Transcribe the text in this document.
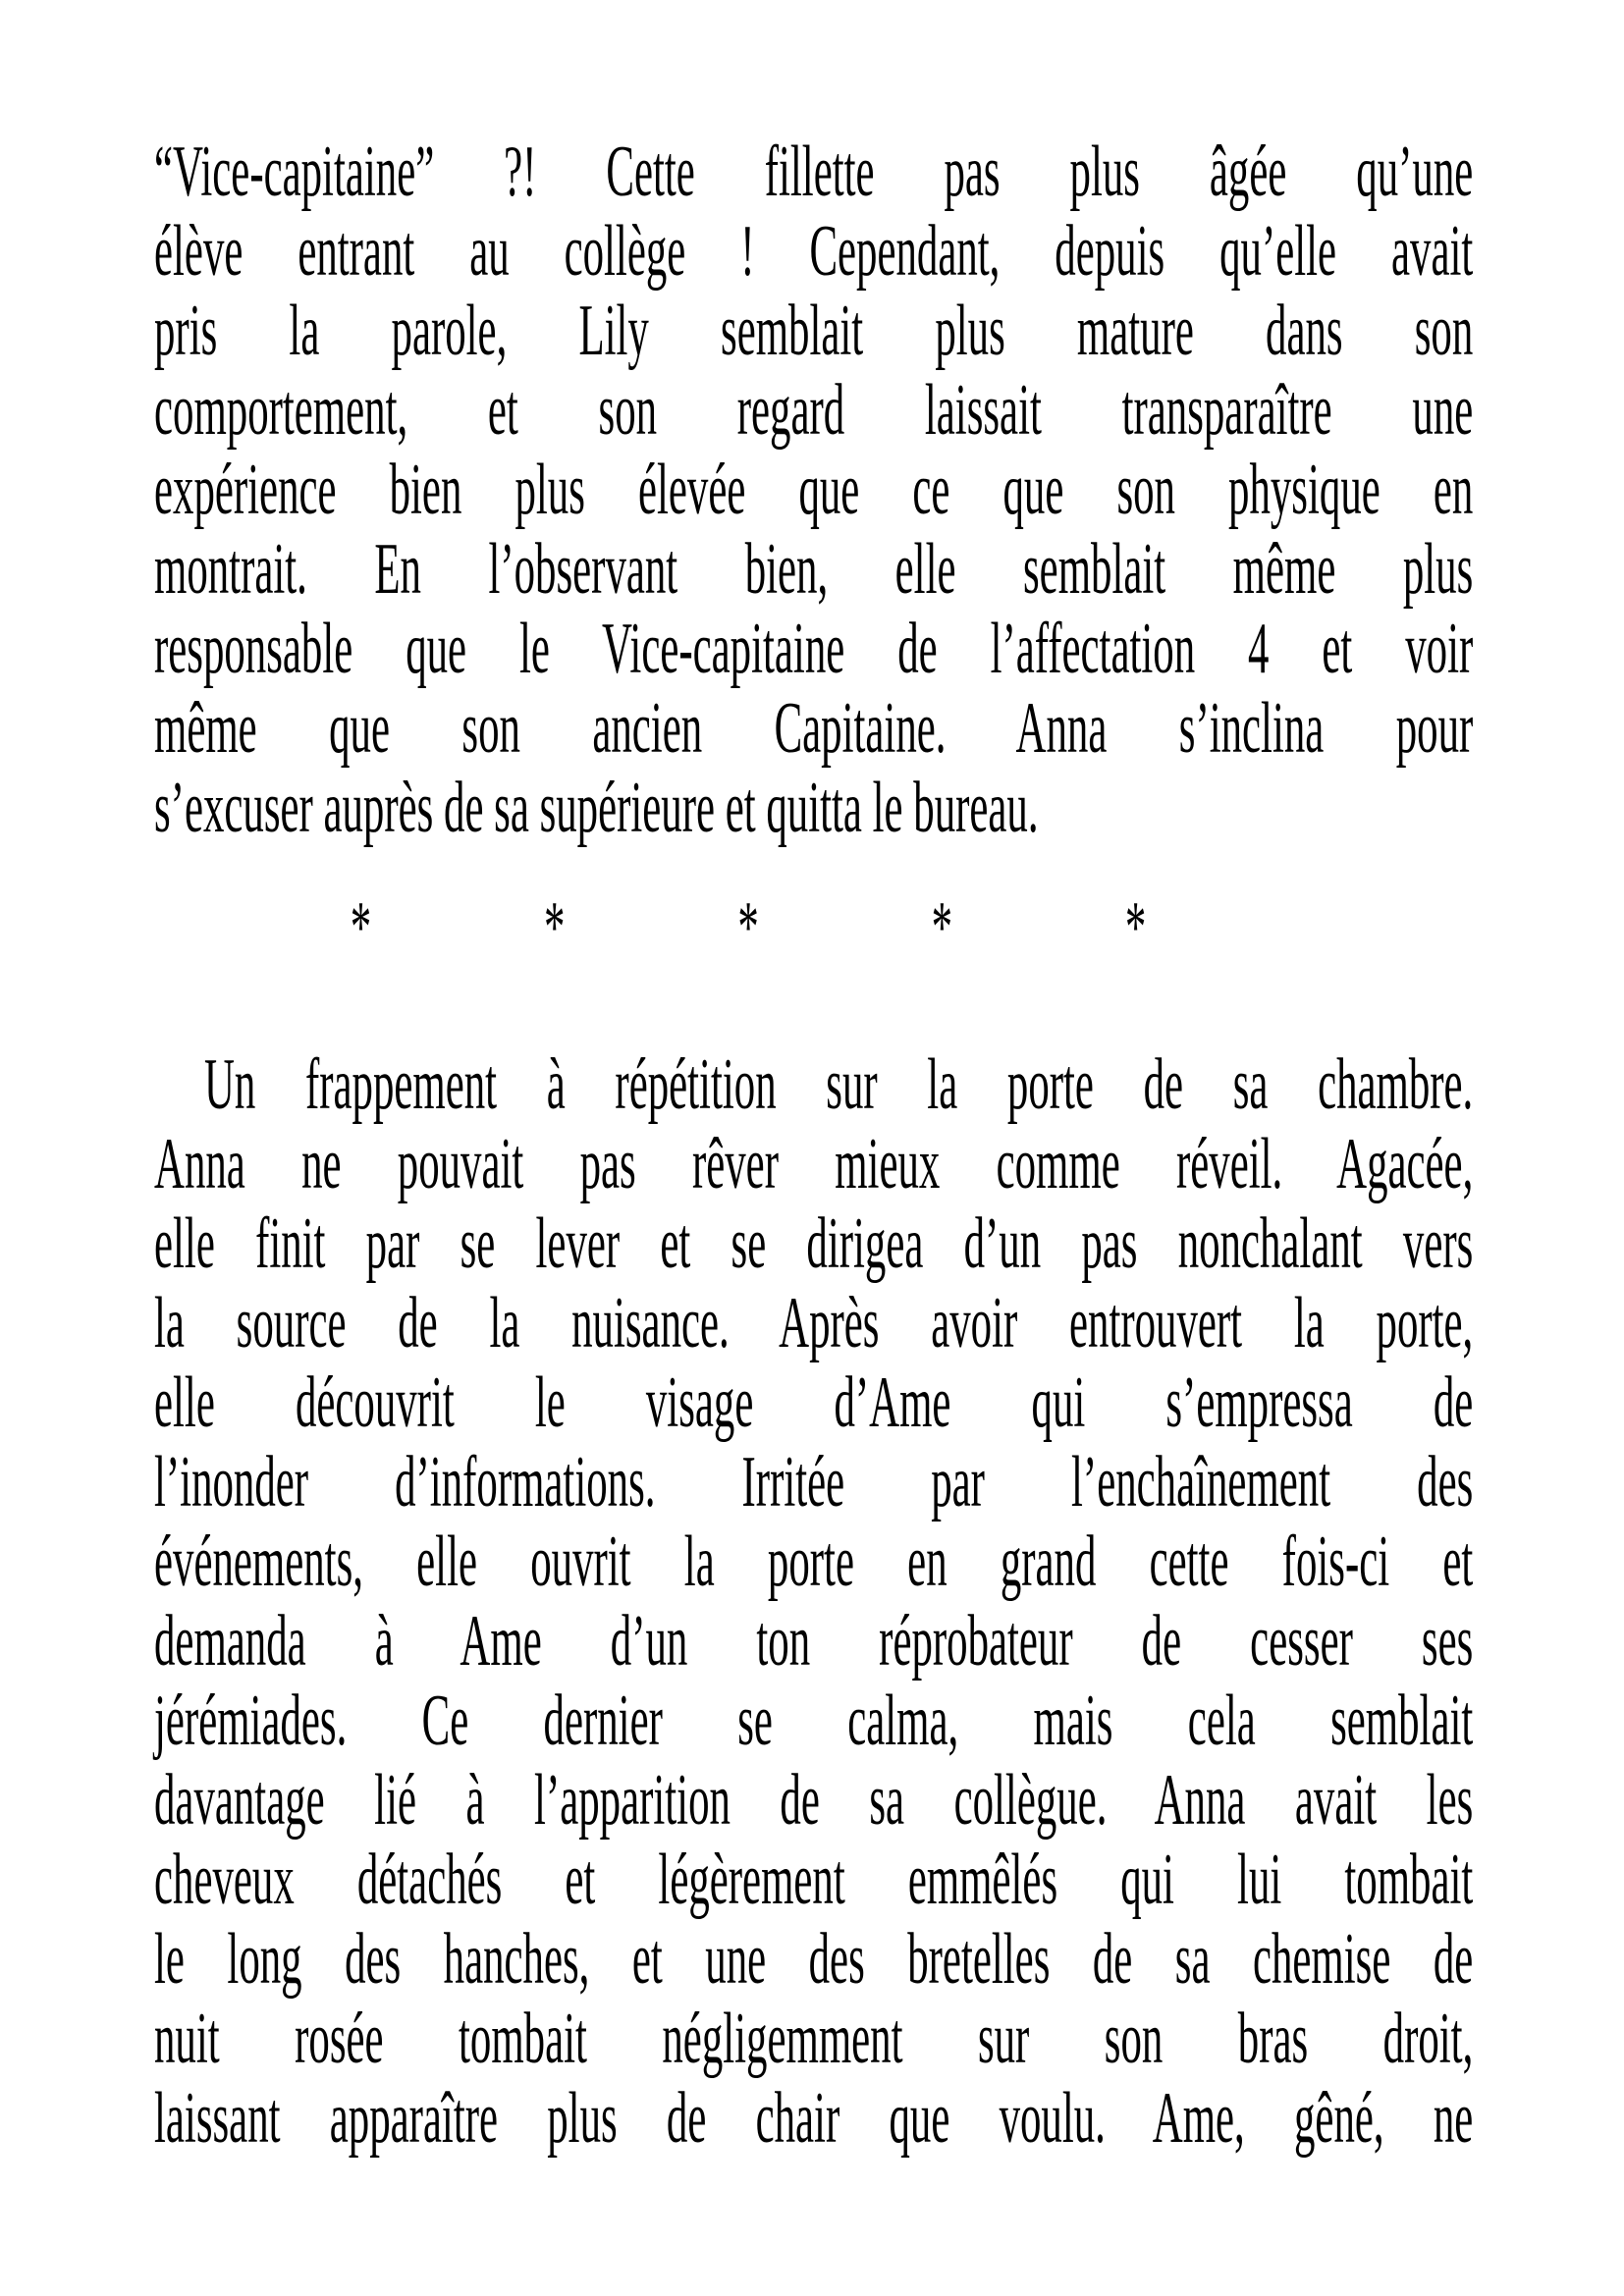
“Vice-capitaine” ?! Cette fillette pas plus âgée qu’une
élève entrant au collège ! Cependant, depuis qu’elle avait
pris la parole, Lily semblait plus mature dans son
comportement, et son regard laissait transparaître une
expérience bien plus élevée que ce que son physique en
montrait. En l’observant bien, elle semblait même plus
responsable que le Vice-capitaine de l’affectation 4 et voir
même que son ancien Capitaine. Anna s’inclina pour
s’excuser auprès de sa supérieure et quitta le bureau.
* * * * *
Un frappement à répétition sur la porte de sa chambre.
Anna ne pouvait pas rêver mieux comme réveil. Agacée,
elle finit par se lever et se dirigea d’un pas nonchalant vers
la source de la nuisance. Après avoir entrouvert la porte,
elle découvrit le visage d’Ame qui s’empressa de
l’inonder d’informations. Irritée par l’enchaînement des
événements, elle ouvrit la porte en grand cette fois-ci et
demanda à Ame d’un ton réprobateur de cesser ses
jérémiades. Ce dernier se calma, mais cela semblait
davantage lié à l’apparition de sa collègue. Anna avait les
cheveux détachés et légèrement emmêlés qui lui tombait
le long des hanches, et une des bretelles de sa chemise de
nuit rosée tombait négligemment sur son bras droit,
laissant apparaître plus de chair que voulu. Ame, gêné, ne
